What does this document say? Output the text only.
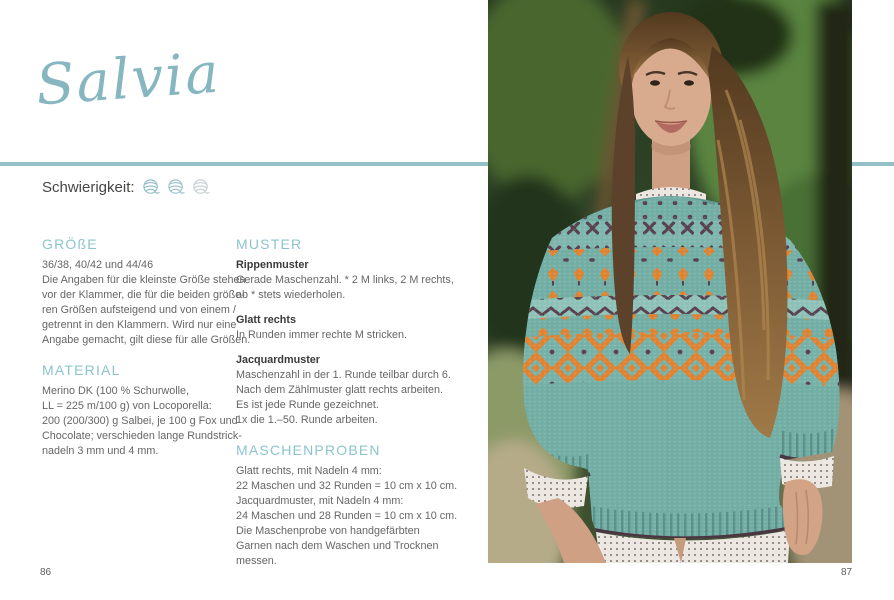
Salvia
Schwierigkeit:
GRÖßE
36/38, 40/42 und 44/46
Die Angaben für die kleinste Größe stehen
vor der Klammer, die für die beiden größe-
ren Größen aufsteigend und von einem /
getrennt in den Klammern. Wird nur eine
Angabe gemacht, gilt diese für alle Größen.
MATERIAL
Merino DK (100 % Schurwolle,
LL = 225 m/100 g) von Locoporella:
200 (200/300) g Salbei, je 100 g Fox und
Chocolate; verschieden lange Rundstrick-
nadeln 3 mm und 4 mm.
MUSTER
Rippenmuster
Gerade Maschenzahl. * 2 M links, 2 M rechts,
ab * stets wiederholen.
Glatt rechts
In Runden immer rechte M stricken.
Jacquardmuster
Maschenzahl in der 1. Runde teilbar durch 6.
Nach dem Zählmuster glatt rechts arbeiten.
Es ist jede Runde gezeichnet.
1x die 1.–50. Runde arbeiten.
MASCHENPROBEN
Glatt rechts, mit Nadeln 4 mm:
22 Maschen und 32 Runden = 10 cm x 10 cm.
Jacquardmuster, mit Nadeln 4 mm:
24 Maschen und 28 Runden = 10 cm x 10 cm.
Die Maschenprobe von handgefärbten
Garnen nach dem Waschen und Trocknen
messen.
86	87
